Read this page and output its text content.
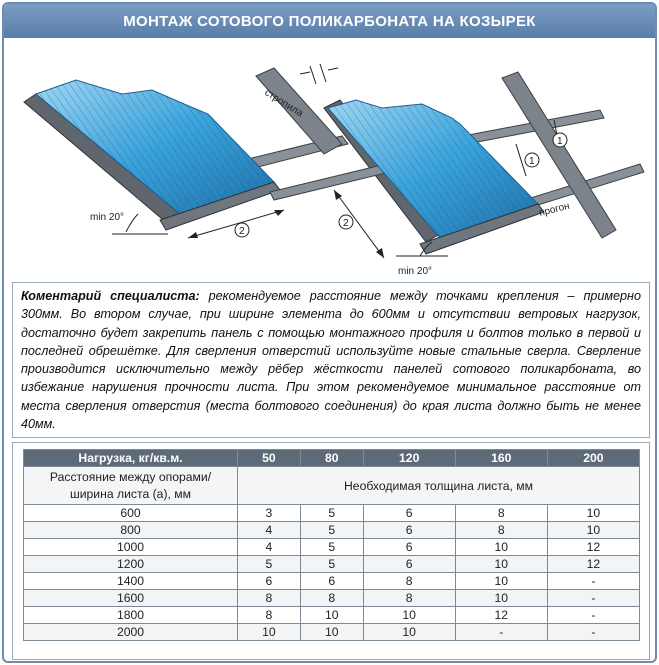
МОНТАЖ СОТОВОГО ПОЛИКАРБОНАТА НА КОЗЫРЕК
min 20°
2
стропила
прогон
1
1
2
min 20°
Коментарий специалиста: рекомендуемое расстояние между точками крепления – примерно 300мм. Во втором случае, при ширине элемента до 600мм и отсутствии ветровых нагрузок, достаточно будет закрепить панель с помощью монтажного профиля и болтов только в первой и последней обрешётке. Для сверления отверстий используйте новые стальные сверла. Сверление производится исключительно между рёбер жёсткости панелей сотового поликарбоната, во избежание нарушения прочности листа. При этом рекомендуемое минимальное расстояние от места сверления отверстия (места болтового соединения) до края листа должно быть не менее 40мм.
Нагрузка, кг/кв.м.	50	80	120	160	200
Расстояние между опорами/ширина листа (а), мм	Необходимая толщина листа, мм				
600	3	5	6	8	10
800	4	5	6	8	10
1000	4	5	6	10	12
1200	5	5	6	10	12
1400	6	6	8	10	-
1600	8	8	8	10	-
1800	8	10	10	12	-
2000	10	10	10	-	-
